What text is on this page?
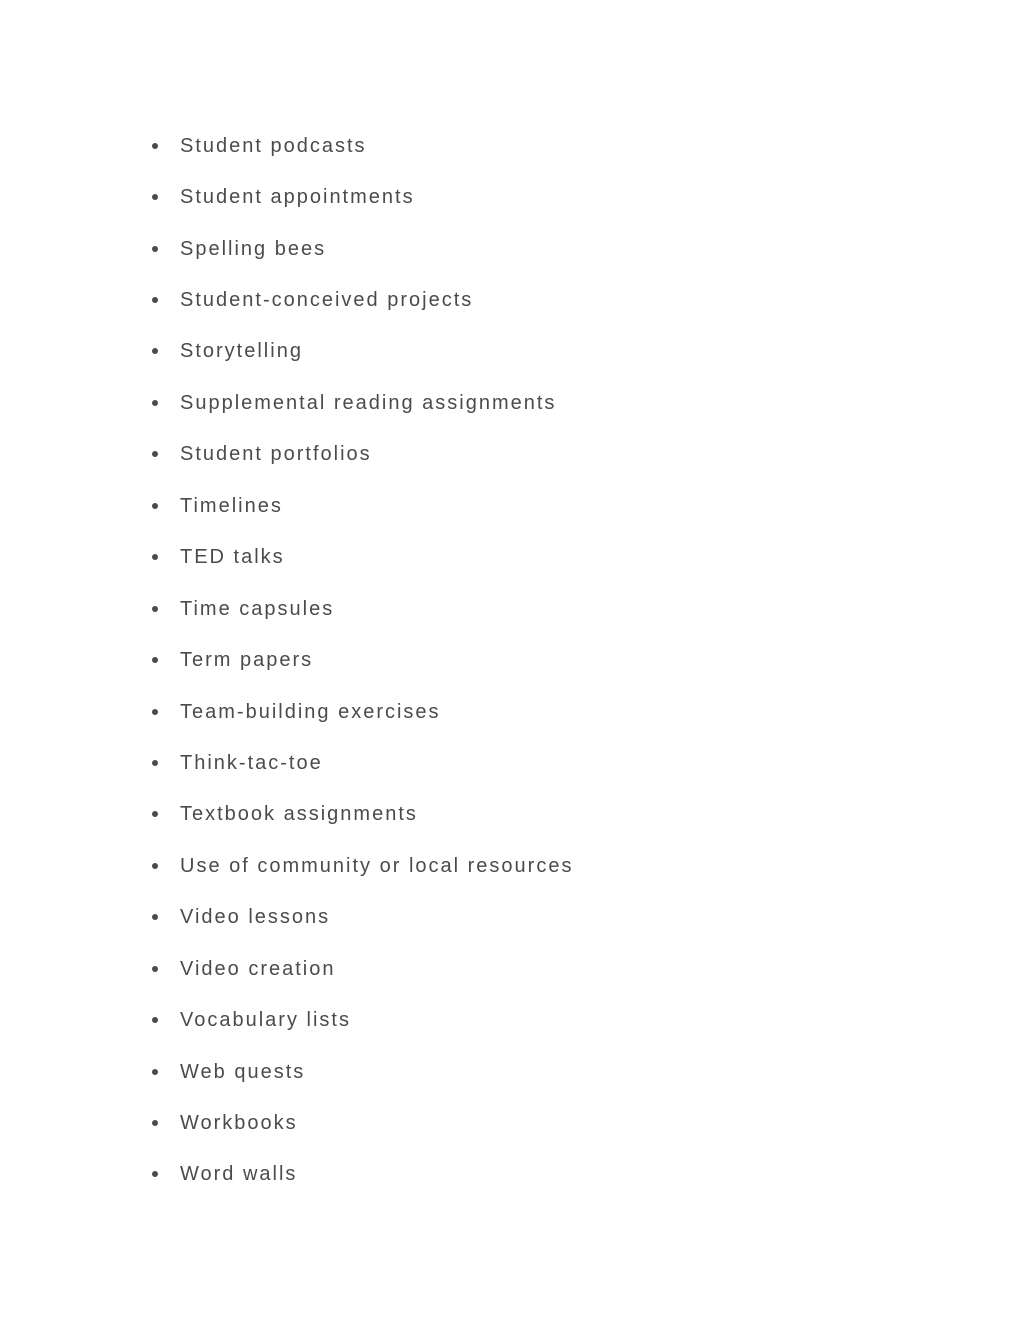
Student podcasts
Student appointments
Spelling bees
Student-conceived projects
Storytelling
Supplemental reading assignments
Student portfolios
Timelines
TED talks
Time capsules
Term papers
Team-building exercises
Think-tac-toe
Textbook assignments
Use of community or local resources
Video lessons
Video creation
Vocabulary lists
Web quests
Workbooks
Word walls
